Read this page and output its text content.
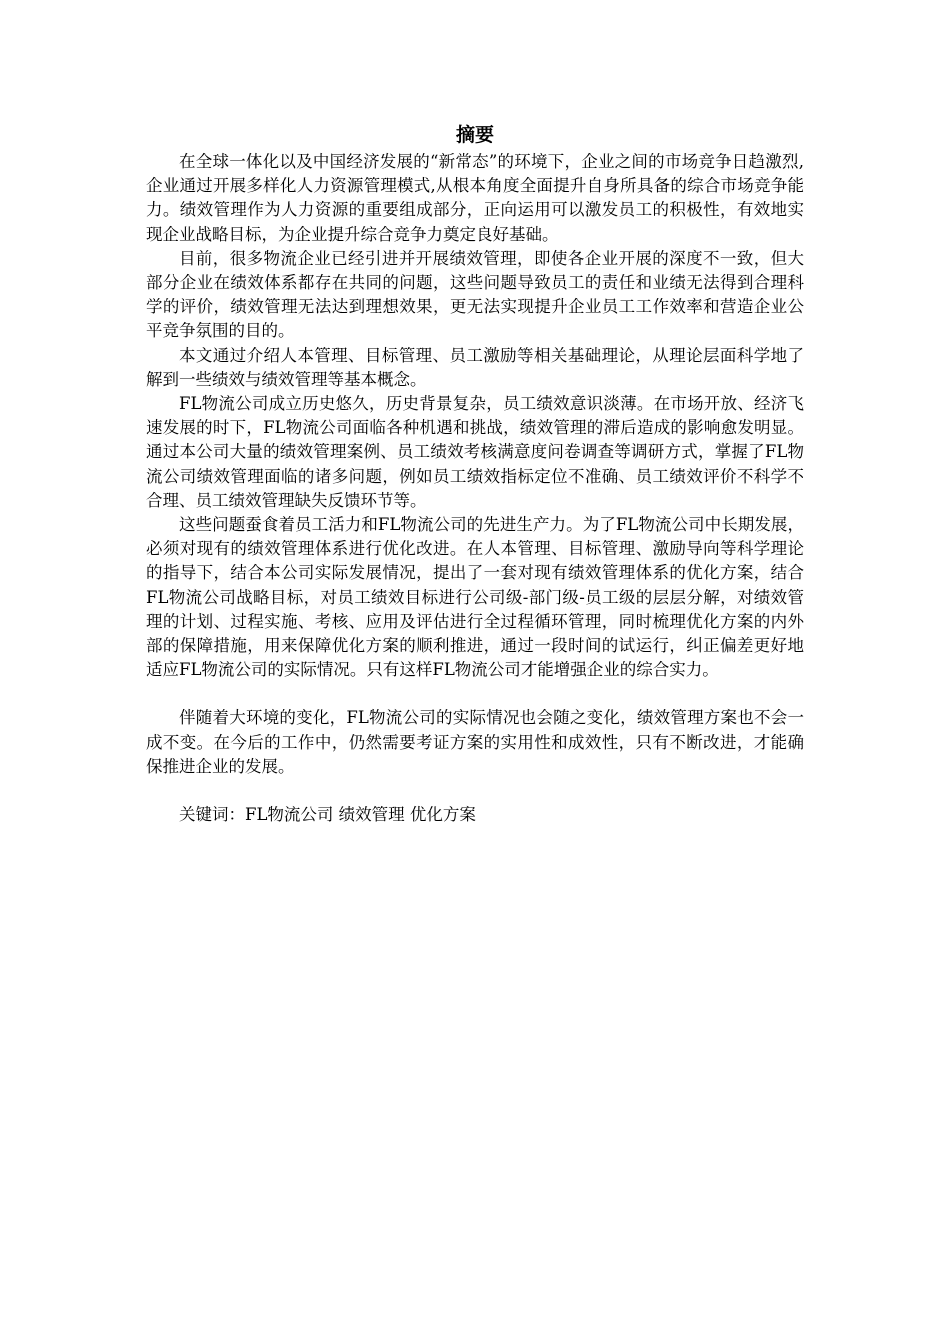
摘要

在全球一体化以及中国经济发展的“新常态”的环境下，企业之间的市场竞争日趋激烈,企业通过开展多样化人力资源管理模式,从根本角度全面提升自身所具备的综合市场竞争能力。绩效管理作为人力资源的重要组成部分，正向运用可以激发员工的积极性，有效地实现企业战略目标，为企业提升综合竞争力奠定良好基础。

目前，很多物流企业已经引进并开展绩效管理，即使各企业开展的深度不一致，但大部分企业在绩效体系都存在共同的问题，这些问题导致员工的责任和业绩无法得到合理科学的评价，绩效管理无法达到理想效果，更无法实现提升企业员工工作效率和营造企业公平竞争氛围的目的。

本文通过介绍人本管理、目标管理、员工激励等相关基础理论，从理论层面科学地了解到一些绩效与绩效管理等基本概念。

FL物流公司成立历史悠久，历史背景复杂，员工绩效意识淡薄。在市场开放、经济飞速发展的时下，FL物流公司面临各种机遇和挑战，绩效管理的滞后造成的影响愈发明显。通过本公司大量的绩效管理案例、员工绩效考核满意度问卷调查等调研方式，掌握了FL物流公司绩效管理面临的诸多问题，例如员工绩效指标定位不准确、员工绩效评价不科学不合理、员工绩效管理缺失反馈环节等。

这些问题蚕食着员工活力和FL物流公司的先进生产力。为了FL物流公司中长期发展，必须对现有的绩效管理体系进行优化改进。在人本管理、目标管理、激励导向等科学理论的指导下，结合本公司实际发展情况，提出了一套对现有绩效管理体系的优化方案，结合FL物流公司战略目标，对员工绩效目标进行公司级-部门级-员工级的层层分解，对绩效管理的计划、过程实施、考核、应用及评估进行全过程循环管理，同时梳理优化方案的内外部的保障措施，用来保障优化方案的顺利推进，通过一段时间的试运行，纠正偏差更好地适应FL物流公司的实际情况。只有这样FL物流公司才能增强企业的综合实力。

伴随着大环境的变化，FL物流公司的实际情况也会随之变化，绩效管理方案也不会一成不变。在今后的工作中，仍然需要考证方案的实用性和成效性，只有不断改进，才能确保推进企业的发展。

关键词：FL物流公司 绩效管理 优化方案
